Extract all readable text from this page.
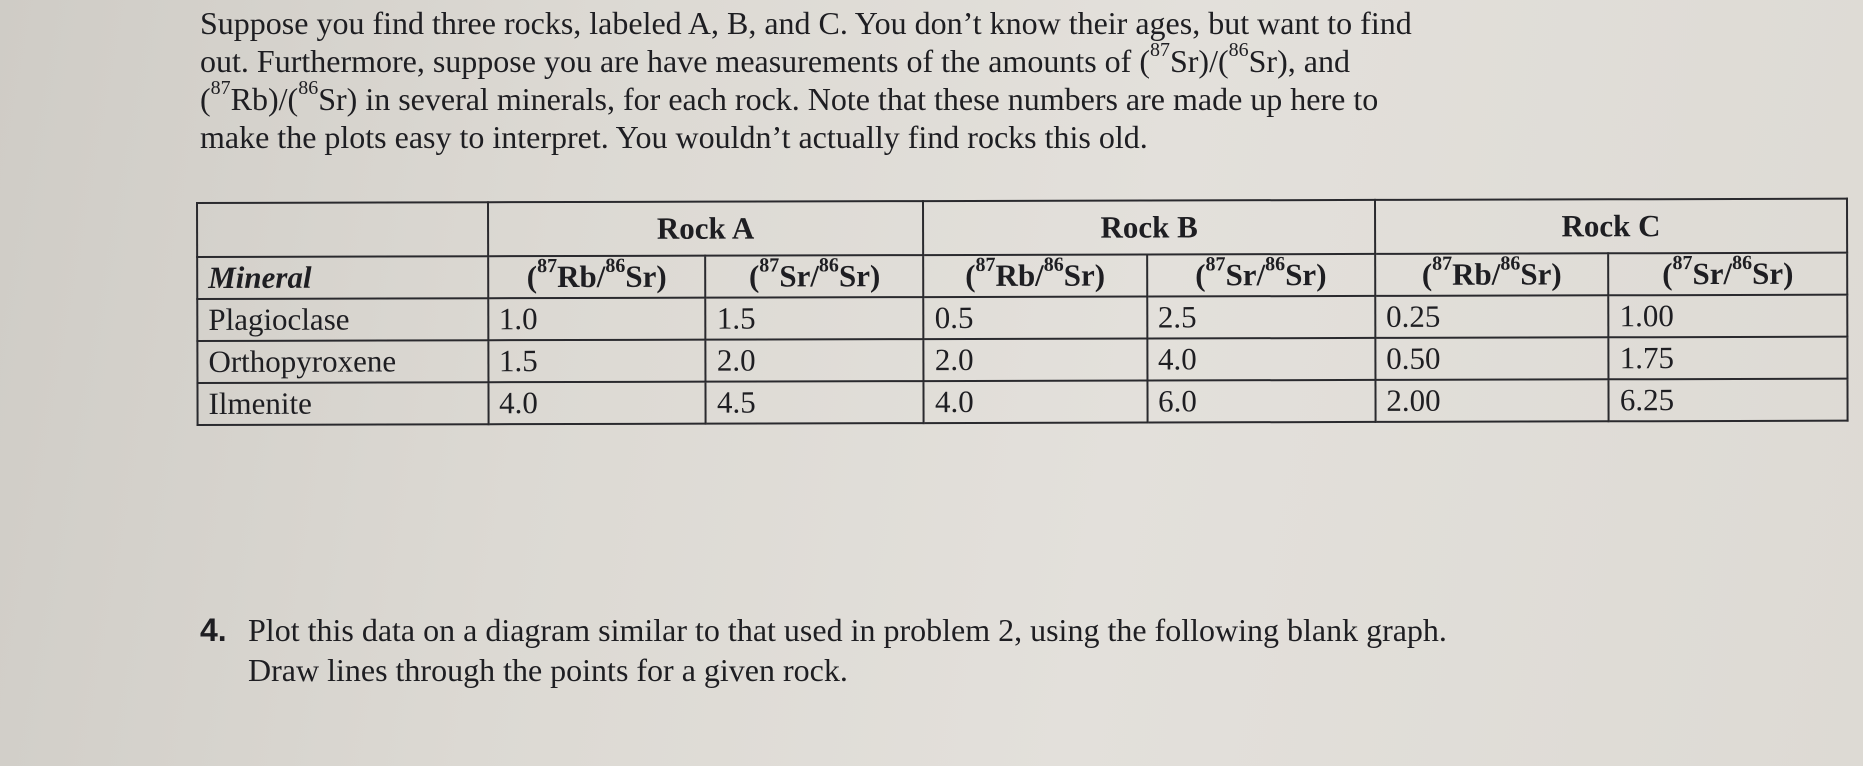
Suppose you find three rocks, labeled A, B, and C. You don’t know their ages, but want to find
out. Furthermore, suppose you are have measurements of the amounts of ($^{87}$Sr)/($^{86}$Sr), and
($^{87}$Rb)/($^{86}$Sr) in several minerals, for each rock. Note that these numbers are made up here to
make the plots easy to interpret. You wouldn’t actually find rocks this old.

	Rock A		Rock B		Rock C	
Mineral	($^{87}$Rb/$^{86}$Sr)	($^{87}$Sr/$^{86}$Sr)	($^{87}$Rb/$^{86}$Sr)	($^{87}$Sr/$^{86}$Sr)	($^{87}$Rb/$^{86}$Sr)	($^{87}$Sr/$^{86}$Sr)
Plagioclase	1.0	1.5	0.5	2.5	0.25	1.00
Orthopyroxene	1.5	2.0	2.0	4.0	0.50	1.75
Ilmenite	4.0	4.5	4.0	6.0	2.00	6.25
4. Plot this data on a diagram similar to that used in problem 2, using the following blank graph.
Draw lines through the points for a given rock.
